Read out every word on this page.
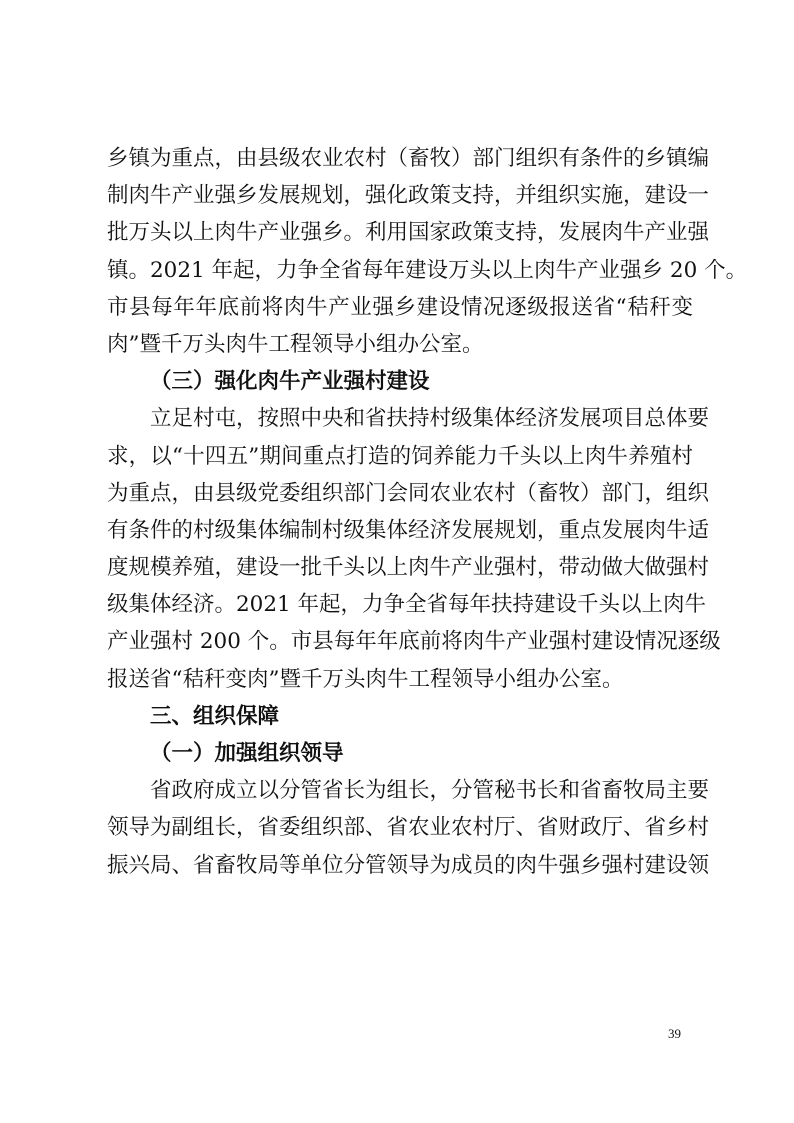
乡镇为重点，由县级农业农村（畜牧）部门组织有条件的乡镇编
制肉牛产业强乡发展规划，强化政策支持，并组织实施，建设一
批万头以上肉牛产业强乡。利用国家政策支持，发展肉牛产业强
镇。2021 年起，力争全省每年建设万头以上肉牛产业强乡 20 个。
市县每年年底前将肉牛产业强乡建设情况逐级报送省“秸秆变
肉”暨千万头肉牛工程领导小组办公室。
（三）强化肉牛产业强村建设
立足村屯，按照中央和省扶持村级集体经济发展项目总体要
求，以“十四五”期间重点打造的饲养能力千头以上肉牛养殖村
为重点，由县级党委组织部门会同农业农村（畜牧）部门，组织
有条件的村级集体编制村级集体经济发展规划，重点发展肉牛适
度规模养殖，建设一批千头以上肉牛产业强村，带动做大做强村
级集体经济。2021 年起，力争全省每年扶持建设千头以上肉牛
产业强村 200 个。市县每年年底前将肉牛产业强村建设情况逐级
报送省“秸秆变肉”暨千万头肉牛工程领导小组办公室。
三、组织保障
（一）加强组织领导
省政府成立以分管省长为组长，分管秘书长和省畜牧局主要
领导为副组长，省委组织部、省农业农村厅、省财政厅、省乡村
振兴局、省畜牧局等单位分管领导为成员的肉牛强乡强村建设领
39
